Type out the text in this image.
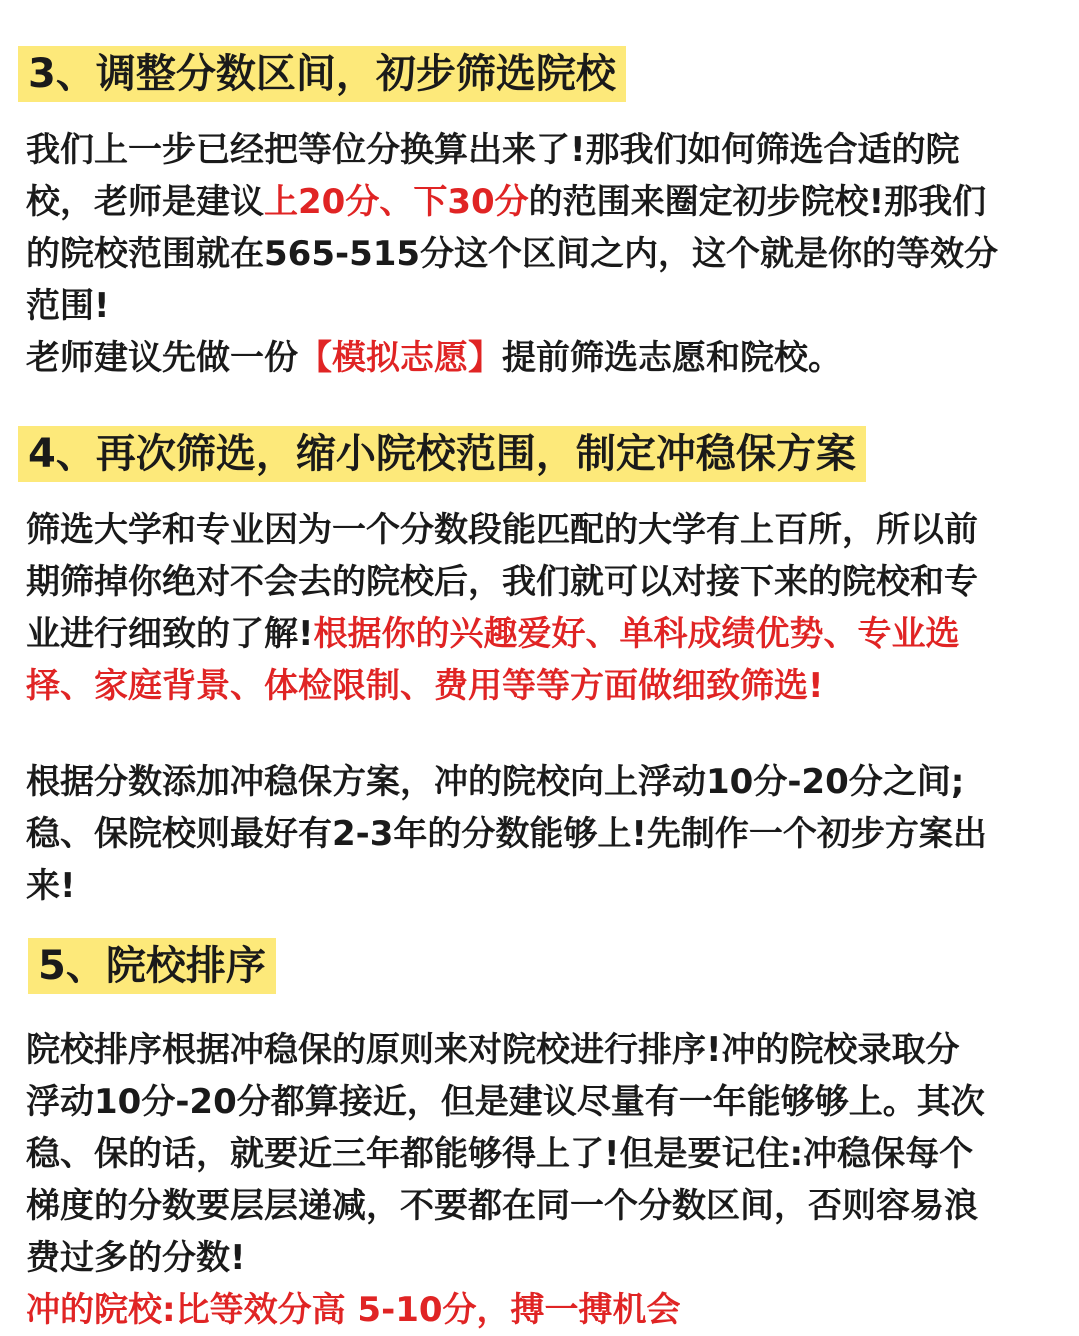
3、调整分数区间，初步筛选院校
我们上一步已经把等位分换算出来了!那我们如何筛选合适的院
校，老师是建议上20分、下30分的范围来圈定初步院校!那我们
的院校范围就在565-515分这个区间之内，这个就是你的等效分
范围!
老师建议先做一份【模拟志愿】提前筛选志愿和院校。
4、再次筛选，缩小院校范围，制定冲稳保方案
筛选大学和专业因为一个分数段能匹配的大学有上百所，所以前
期筛掉你绝对不会去的院校后，我们就可以对接下来的院校和专
业进行细致的了解!根据你的兴趣爱好、单科成绩优势、专业选
择、家庭背景、体检限制、费用等等方面做细致筛选!
根据分数添加冲稳保方案，冲的院校向上浮动10分-20分之间;
稳、保院校则最好有2-3年的分数能够上!先制作一个初步方案出
来!
5、院校排序
院校排序根据冲稳保的原则来对院校进行排序!冲的院校录取分
浮动10分-20分都算接近，但是建议尽量有一年能够够上。其次
稳、保的话，就要近三年都能够得上了!但是要记住:冲稳保每个
梯度的分数要层层递减，不要都在同一个分数区间，否则容易浪
费过多的分数!
冲的院校:比等效分高 5-10分，搏一搏机会
